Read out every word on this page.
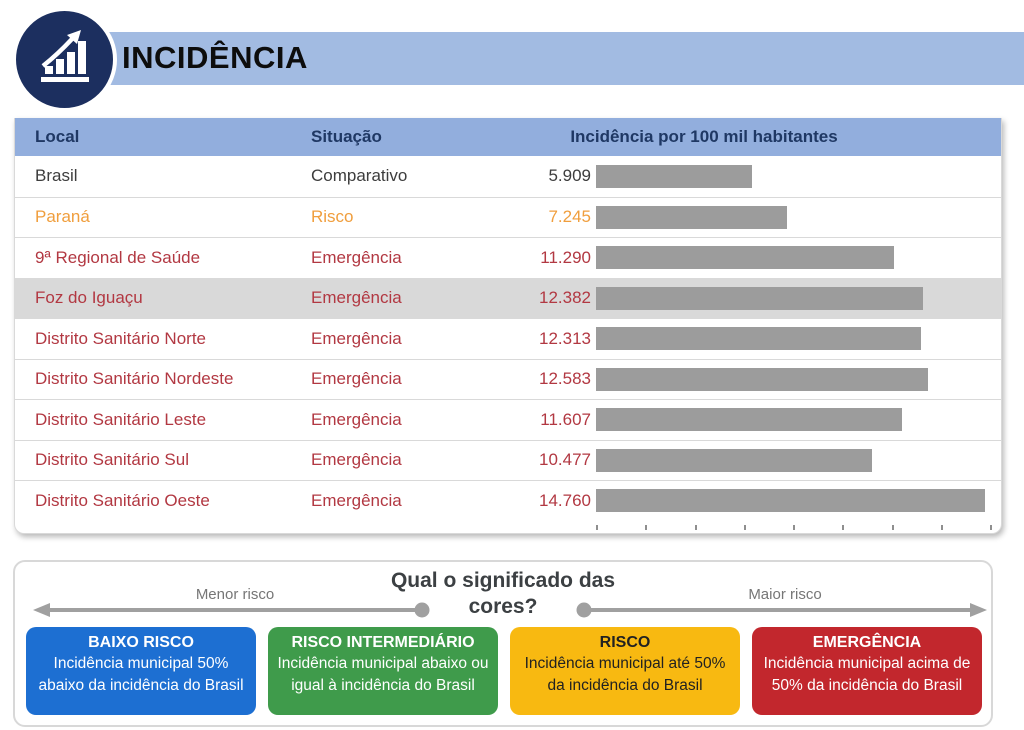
INCIDÊNCIA
Local	Situação	Incidência por 100 mil habitantes
Brasil	Comparativo	5.909
Paraná	Risco	7.245
9ª Regional de Saúde	Emergência	11.290
Foz do Iguaçu	Emergência	12.382
Distrito Sanitário Norte	Emergência	12.313
Distrito Sanitário Nordeste	Emergência	12.583
Distrito Sanitário Leste	Emergência	11.607
Distrito Sanitário Sul	Emergência	10.477
Distrito Sanitário Oeste	Emergência	14.760
Qual o significado das
cores?
Menor risco	Maior risco
BAIXO RISCO
Incidência municipal 50% abaixo da incidência do Brasil
RISCO INTERMEDIÁRIO
Incidência municipal abaixo ou igual à incidência do Brasil
RISCO
Incidência municipal até 50% da incidência do Brasil
EMERGÊNCIA
Incidência municipal acima de 50% da incidência do Brasil
